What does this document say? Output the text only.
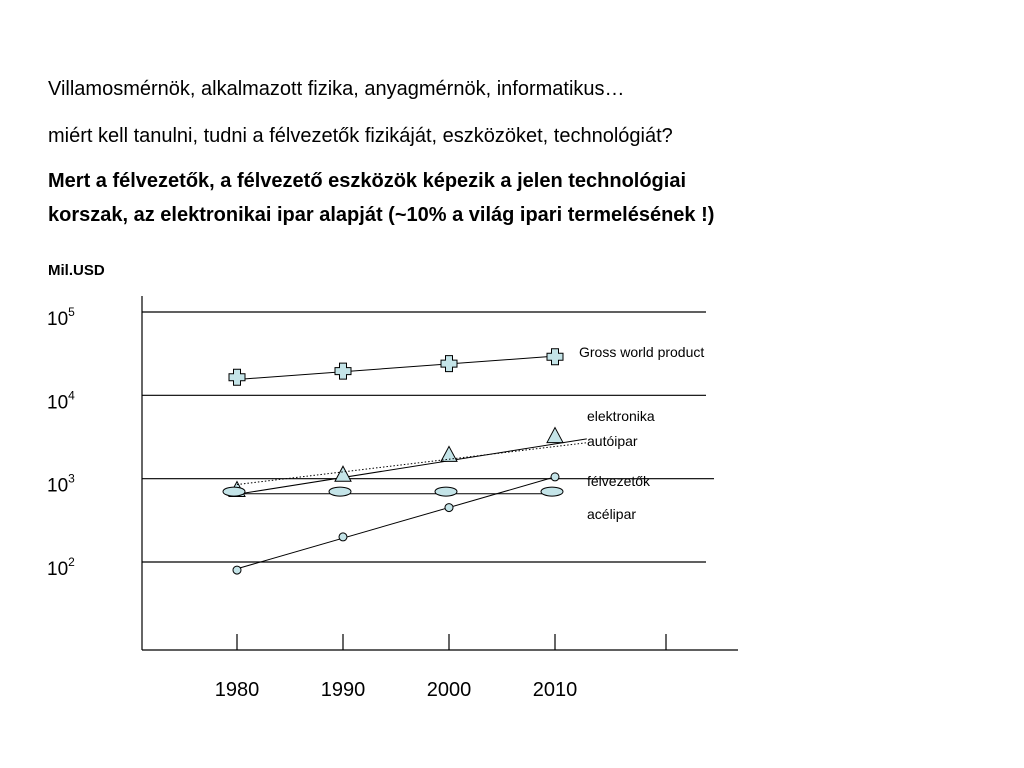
Villamosmérnök, alkalmazott fizika, anyagmérnök, informatikus…
miért kell tanulni, tudni a félvezetők fizikáját, eszközöket, technológiát?
Mert a félvezetők, a félvezető eszközök képezik a jelen technológiai
korszak, az elektronikai ipar alapját (~10% a világ ipari termelésének !)
Mil.USD
$10^5$
$10^4$
$10^3$
$10^2$
1980	1990	2000	2010
Gross world product
elektronika
autóipar
félvezetők
acélipar
